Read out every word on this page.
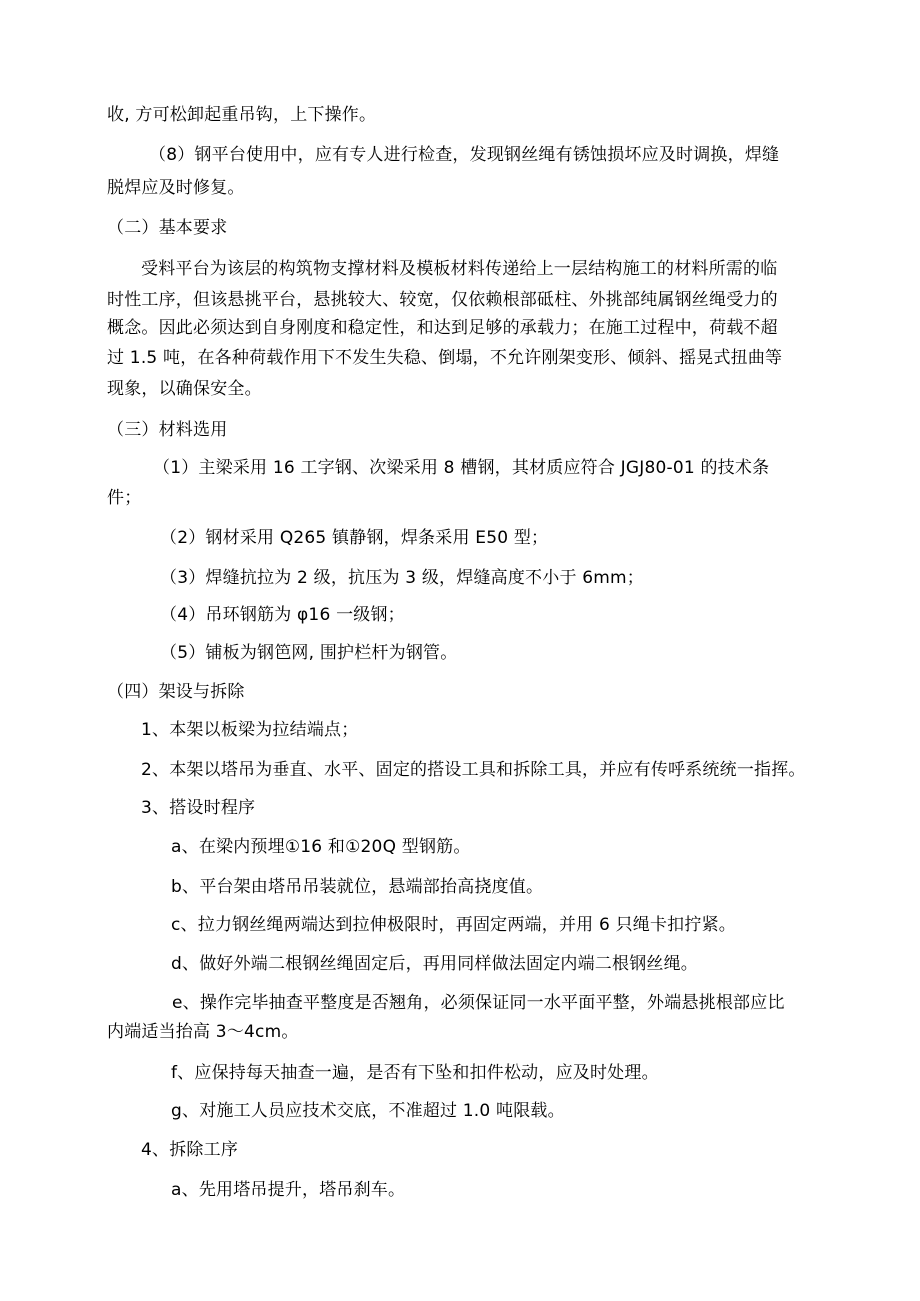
收, 方可松卸起重吊钩，上下操作。
（8）钢平台使用中，应有专人进行检查，发现钢丝绳有锈蚀损坏应及时调换，焊缝
脱焊应及时修复。
（二）基本要求
受料平台为该层的构筑物支撑材料及模板材料传递给上一层结构施工的材料所需的临
时性工序，但该悬挑平台，悬挑较大、较宽，仅依赖根部砥柱、外挑部纯属钢丝绳受力的
概念。因此必须达到自身刚度和稳定性，和达到足够的承载力；在施工过程中，荷载不超
过 1.5 吨，在各种荷载作用下不发生失稳、倒塌，不允许刚架变形、倾斜、摇晃式扭曲等
现象，以确保安全。
（三）材料选用
（1）主梁采用 16 工字钢、次梁采用 8 槽钢，其材质应符合 JGJ80-01 的技术条
件；
（2）钢材采用 Q265 镇静钢，焊条采用 E50 型；
（3）焊缝抗拉为 2 级，抗压为 3 级，焊缝高度不小于 6mm；
（4）吊环钢筋为 φ16 一级钢；
（5）铺板为钢笆网, 围护栏杆为钢管。
（四）架设与拆除
1、本架以板梁为拉结端点；
2、本架以塔吊为垂直、水平、固定的搭设工具和拆除工具，并应有传呼系统统一指挥。
3、搭设时程序
a、在梁内预埋①16 和①20Q 型钢筋。
b、平台架由塔吊吊装就位，悬端部抬高挠度值。
c、拉力钢丝绳两端达到拉伸极限时，再固定两端，并用 6 只绳卡扣拧紧。
d、做好外端二根钢丝绳固定后，再用同样做法固定内端二根钢丝绳。
e、操作完毕抽查平整度是否翘角，必须保证同一水平面平整，外端悬挑根部应比
内端适当抬高 3～4cm。
f、应保持每天抽查一遍，是否有下坠和扣件松动，应及时处理。
g、对施工人员应技术交底，不准超过 1.0 吨限载。
4、拆除工序
a、先用塔吊提升，塔吊刹车。
